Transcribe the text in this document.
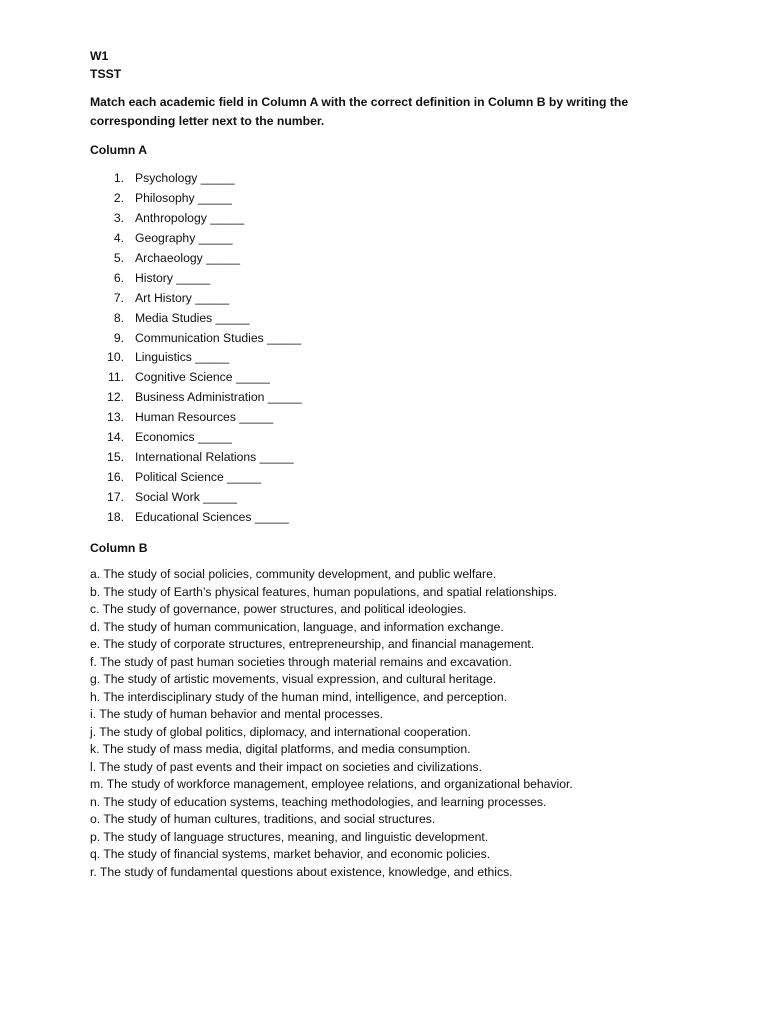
W1
TSST
Match each academic field in Column A with the correct definition in Column B by writing the corresponding letter next to the number.
Column A
1. Psychology _____
2. Philosophy _____
3. Anthropology _____
4. Geography _____
5. Archaeology _____
6. History _____
7. Art History _____
8. Media Studies _____
9. Communication Studies _____
10. Linguistics _____
11. Cognitive Science _____
12. Business Administration _____
13. Human Resources _____
14. Economics _____
15. International Relations _____
16. Political Science _____
17. Social Work _____
18. Educational Sciences _____
Column B
a. The study of social policies, community development, and public welfare.
b. The study of Earth’s physical features, human populations, and spatial relationships.
c. The study of governance, power structures, and political ideologies.
d. The study of human communication, language, and information exchange.
e. The study of corporate structures, entrepreneurship, and financial management.
f. The study of past human societies through material remains and excavation.
g. The study of artistic movements, visual expression, and cultural heritage.
h. The interdisciplinary study of the human mind, intelligence, and perception.
i. The study of human behavior and mental processes.
j. The study of global politics, diplomacy, and international cooperation.
k. The study of mass media, digital platforms, and media consumption.
l. The study of past events and their impact on societies and civilizations.
m. The study of workforce management, employee relations, and organizational behavior.
n. The study of education systems, teaching methodologies, and learning processes.
o. The study of human cultures, traditions, and social structures.
p. The study of language structures, meaning, and linguistic development.
q. The study of financial systems, market behavior, and economic policies.
r. The study of fundamental questions about existence, knowledge, and ethics.
